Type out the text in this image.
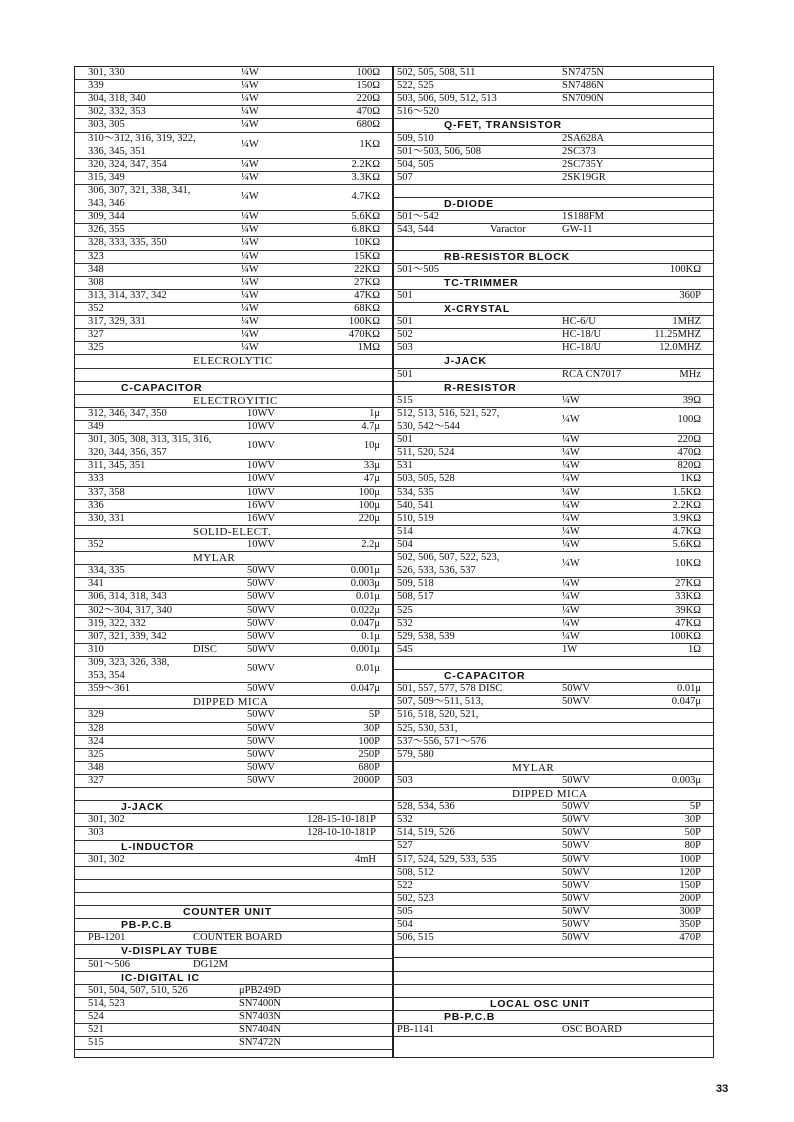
301, 330	¼W	100Ω
339	¼W	150Ω
304, 318, 340	¼W	220Ω
302, 332, 353	¼W	470Ω
303, 305	¼W	680Ω
310～312, 316, 319, 322,
336, 345, 351
¼W	1KΩ
320, 324, 347, 354	¼W	2.2KΩ
315, 349	¼W	3.3KΩ
306, 307, 321, 338, 341,
343, 346
¼W	4.7KΩ
309, 344	¼W	5.6KΩ
326, 355	¼W	6.8KΩ
328, 333, 335, 350	¼W	10KΩ
323	¼W	15KΩ
348	¼W	22KΩ
308	¼W	27KΩ
313, 314, 337, 342	¼W	47KΩ
352	¼W	68KΩ
317, 329, 331	¼W	100KΩ
327	¼W	470KΩ
325	¼W	1MΩ
ELECROLYTIC
C-CAPACITOR
ELECTROYITIC
312, 346, 347, 350	10WV	1μ
349	10WV	4.7μ
301, 305, 308, 313, 315, 316,
320, 344, 356, 357
10WV	10μ
311, 345, 351	10WV	33μ
333	10WV	47μ
337, 358	10WV	100μ
336	16WV	100μ
330, 331	16WV	220μ
SOLID-ELECT.
352	10WV	2.2μ
MYLAR
334, 335	50WV	0.001μ
341	50WV	0.003μ
306, 314, 318, 343	50WV	0.01μ
302～304, 317, 340	50WV	0.022μ
319, 322, 332	50WV	0.047μ
307, 321, 339, 342	50WV	0.1μ
310	DISC	50WV	0.001μ
309, 323, 326, 338,
353, 354
50WV	0.01μ
359～361	50WV	0.047μ
DIPPED MICA
329	50WV	5P
328	50WV	30P
324	50WV	100P
325	50WV	250P
348	50WV	680P
327	50WV	2000P
J-JACK
301, 302	128-15-10-181P
303	128-10-10-181P
L-INDUCTOR
301, 302	4mH
COUNTER UNIT
PB-P.C.B
PB-1201	COUNTER BOARD
V-DISPLAY TUBE
501～506	DG12M
IC-DIGITAL IC
501, 504, 507, 510, 526	μPB249D
514, 523	SN7400N
524	SN7403N
521	SN7404N
515	SN7472N
502, 505, 508, 511	SN7475N
522, 525	SN7486N
503, 506, 509, 512, 513	SN7090N
516～520
Q-FET, TRANSISTOR
509, 510	2SA628A
501～503, 506, 508	2SC373
504, 505	2SC735Y
507	2SK19GR
D-DIODE
501～542	1S188FM
543, 544	Varactor	GW-11
RB-RESISTOR BLOCK
501～505	100KΩ
TC-TRIMMER
501	360P
X-CRYSTAL
501	HC-6/U	1MHZ
502	HC-18/U	11.25MHZ
503	HC-18/U	12.0MHZ
J-JACK
501	RCA CN7017	MHz
R-RESISTOR
515	¼W	39Ω
512, 513, 516, 521, 527,
530, 542～544
¼W	100Ω
501	¼W	220Ω
511, 520, 524	¼W	470Ω
531	¼W	820Ω
503, 505, 528	¼W	1KΩ
534, 535	¼W	1.5KΩ
540, 541	¼W	2.2KΩ
510, 519	¼W	3.9KΩ
514	¼W	4.7KΩ
504	¼W	5.6KΩ
502, 506, 507, 522, 523,
526, 533, 536, 537
¼W	10KΩ
509, 518	¼W	27KΩ
508, 517	¼W	33KΩ
525	¼W	39KΩ
532	¼W	47KΩ
529, 538, 539	¼W	100KΩ
545	1W	1Ω
C-CAPACITOR
501, 557, 577, 578 DISC	50WV	0.01μ
507, 509～511, 513,	50WV	0.047μ
516, 518, 520, 521,
525, 530, 531,
537～556, 571～576
579, 580
MYLAR
503	50WV	0.003μ
DIPPED MICA
528, 534, 536	50WV	5P
532	50WV	30P
514, 519, 526	50WV	50P
527	50WV	80P
517, 524, 529, 533, 535	50WV	100P
508, 512	50WV	120P
522	50WV	150P
502, 523	50WV	200P
505	50WV	300P
504	50WV	350P
506, 515	50WV	470P
LOCAL OSC UNIT
PB-P.C.B
PB-1141	OSC BOARD
33
